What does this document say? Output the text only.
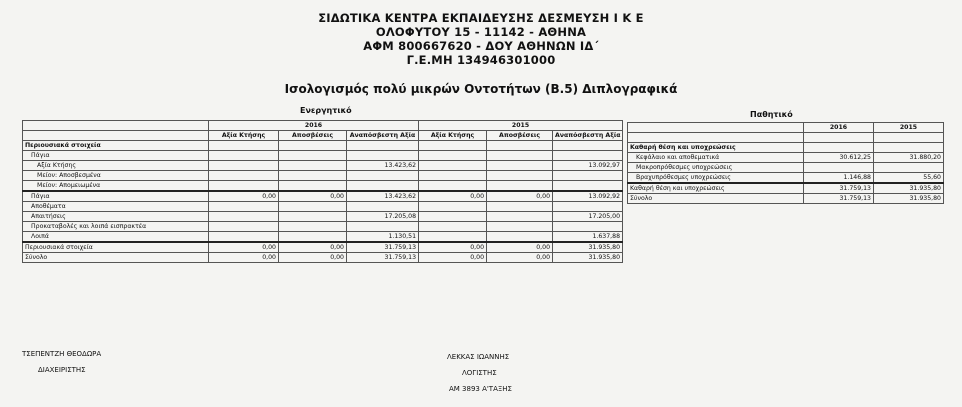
ΣΙΔΩΤΙΚΑ ΚΕΝΤΡΑ ΕΚΠΑΙΔΕΥΣΗΣ ΔΕΣΜΕΥΣΗ Ι Κ Ε
ΟΛΟΦΥΤΟΥ 15 - 11142 - ΑΘΗΝΑ
ΑΦΜ 800667620 - ΔΟΥ ΑΘΗΝΩΝ ΙΔ΄
Γ.Ε.ΜΗ 134946301000
Ισολογισμός πολύ μικρών Οντοτήτων (Β.5) Διπλογραφικά
Ενεργητικό	Παθητικό
	2016			2015		
	Αξία Κτήσης	Αποσβέσεις	Αναπόσβεστη Αξία	Αξία Κτήσης	Αποσβέσεις	Αναπόσβεστη Αξία
Περιουσιακά στοιχεία						
Πάγια						
Αξία Κτήσης			13.423,62			13.092,97
Μείον: Αποσβεσμένα						
Μείον: Απομειωμένα						
Πάγια	0,00	0,00	13.423,62	0,00	0,00	13.092,92
Αποθέματα						
Απαιτήσεις			17.205,08			17.205,00
Προκαταβολές και λοιπά εισπρακτέα						
Λοιπά			1.130,51			1.637,88
Περιουσιακά στοιχεία	0,00	0,00	31.759,13	0,00	0,00	31.935,80
Σύνολο	0,00	0,00	31.759,13	0,00	0,00	31.935,80
	2016	2015

Καθαρή θέση και υποχρεώσεις		
Κεφάλαιο και αποθεματικά	30.612,25	31.880,20
Μακροπρόθεσμες υποχρεώσεις		
Βραχυπρόθεσμες υποχρεώσεις	1.146,88	55,60
Καθαρή θέση και υποχρεώσεις	31.759,13	31.935,80
Σύνολο	31.759,13	31.935,80
ΤΣΕΠΕΝΤΖΗ ΘΕΟΔΩΡΑ
ΔΙΑΧΕΙΡΙΣΤΗΣ
ΛΕΚΚΑΣ ΙΩΑΝΝΗΣ
ΛΟΓΙΣΤΗΣ
ΑΜ 3893 Α'ΤΑΞΗΣ
